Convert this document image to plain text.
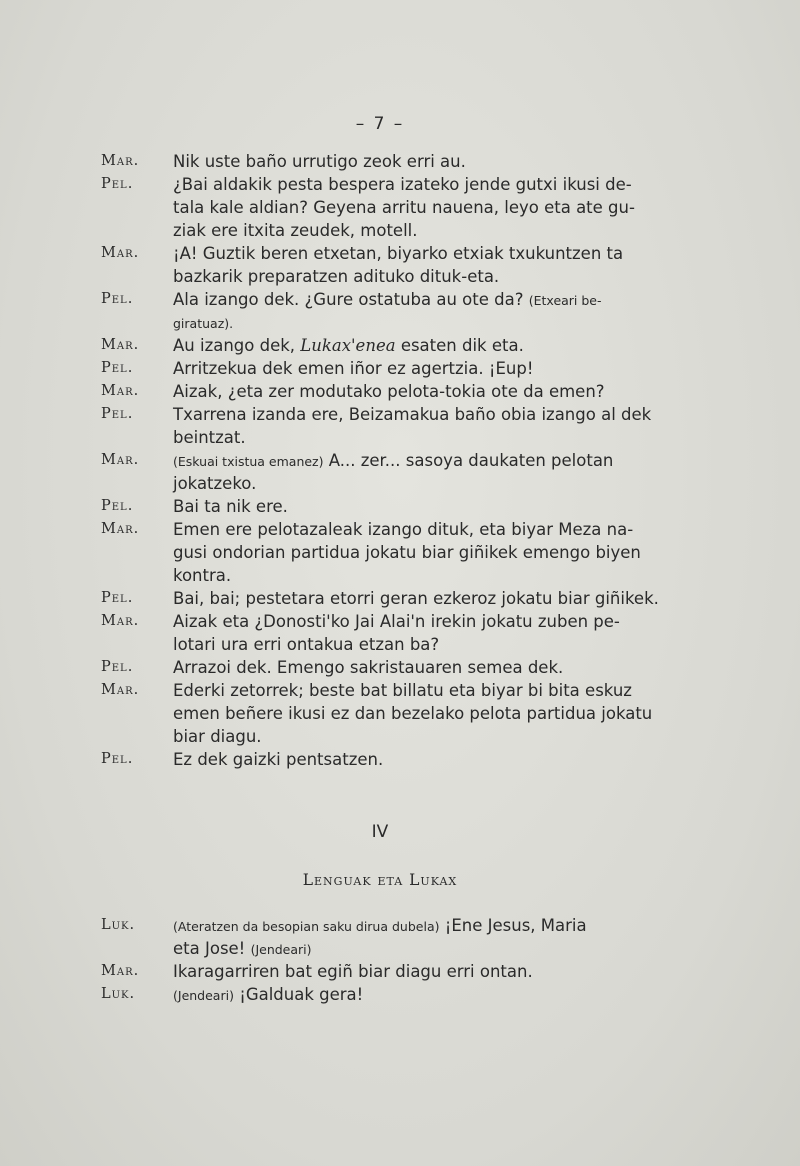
– 7 –
Mar. Nik uste baño urrutigo zeok erri au.
Pel. ¿Bai aldakik pesta bespera izateko jende gutxi ikusi de-
tala kale aldian? Geyena arritu nauena, leyo eta ate gu-
ziak ere itxita zeudek, motell.
Mar. ¡A! Guztik beren etxetan, biyarko etxiak txukuntzen ta
bazkarik preparatzen adituko dituk-eta.
Pel. Ala izango dek. ¿Gure ostatuba au ote da? (Etxeari be-
giratuaz).
Mar. Au izango dek, Lukax'enea esaten dik eta.
Pel. Arritzekua dek emen iñor ez agertzia. ¡Eup!
Mar. Aizak, ¿eta zer modutako pelota-tokia ote da emen?
Pel. Txarrena izanda ere, Beizamakua baño obia izango al dek
beintzat.
Mar.	(Eskuai txistua emanez) A... zer... sasoya daukaten pelotan
jokatzeko.
Pel. Bai ta nik ere.
Mar. Emen ere pelotazaleak izango dituk, eta biyar Meza na-
gusi ondorian partidua jokatu biar giñikek emengo biyen
kontra.
Pel. Bai, bai; pestetara etorri geran ezkeroz jokatu biar giñikek.
Mar. Aizak eta ¿Donosti'ko Jai Alai'n irekin jokatu zuben pe-
lotari ura erri ontakua etzan ba?
Pel. Arrazoi dek. Emengo sakristauaren semea dek.
Mar. Ederki zetorrek; beste bat billatu eta biyar bi bita eskuz
emen beñere ikusi ez dan bezelako pelota partidua jokatu
biar diagu.
Pel. Ez dek gaizki pentsatzen.
IV
Lenguak eta Lukax
Luk.	(Ateratzen da besopian saku dirua dubela) ¡Ene Jesus, Maria
eta Jose! (Jendeari)
Mar. Ikaragarriren bat egiñ biar diagu erri ontan.
Luk.	(Jendeari) ¡Galduak gera!
